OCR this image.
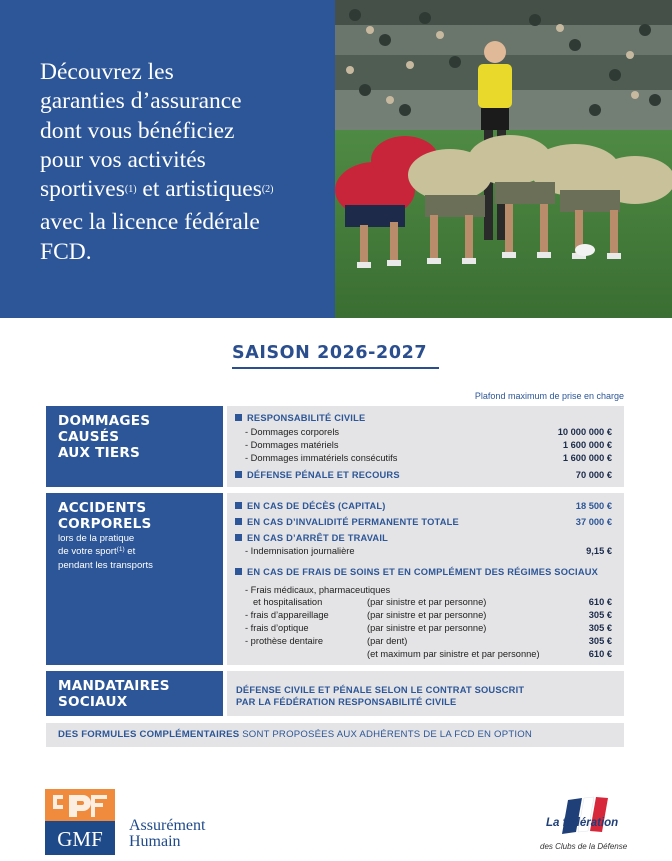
Découvrez les
garanties d’assurance
dont vous bénéficiez
pour vos activités
sportives$^{(1)}$ et artistiques$^{(2)}$
avec la licence fédérale
FCD.
SAISON 2026-2027
Plafond maximum de prise en charge
DOMMAGES
CAUSÉS
AUX TIERS
RESPONSABILITÉ CIVILE
- Dommages corporels	10 000 000 €
- Dommages matériels	1 600 000 €
- Dommages immatériels consécutifs	1 600 000 €
DÉFENSE PÉNALE ET RECOURS	70 000 €
ACCIDENTS
CORPORELS
lors de la pratique
de votre sport$^{(1)}$ et
pendant les transports
EN CAS DE DÉCÈS (CAPITAL)	18 500 €
EN CAS D’INVALIDITÉ PERMANENTE TOTALE	37 000 €
EN CAS D’ARRÊT DE TRAVAIL
- Indemnisation journalière	9,15 €
EN CAS DE FRAIS DE SOINS ET EN COMPLÉMENT DES RÉGIMES SOCIAUX
- Frais médicaux, pharmaceutiques
et hospitalisation	(par sinistre et par personne)	610 €
- frais d’appareillage	(par sinistre et par personne)	305 €
- frais d’optique	(par sinistre et par personne)	305 €
- prothèse dentaire	(par dent)	305 €
(et maximum par sinistre et par personne)	610 €
MANDATAIRES
SOCIAUX
DÉFENSE CIVILE ET PÉNALE SELON LE CONTRAT SOUSCRIT
PAR LA FÉDÉRATION RESPONSABILITÉ CIVILE
DES FORMULES COMPLÉMENTAIRES SONT PROPOSÉES AUX ADHÉRENTS DE LA FCD EN OPTION
GMF
Assurément
Humain
La fédération
des Clubs de la Défense
